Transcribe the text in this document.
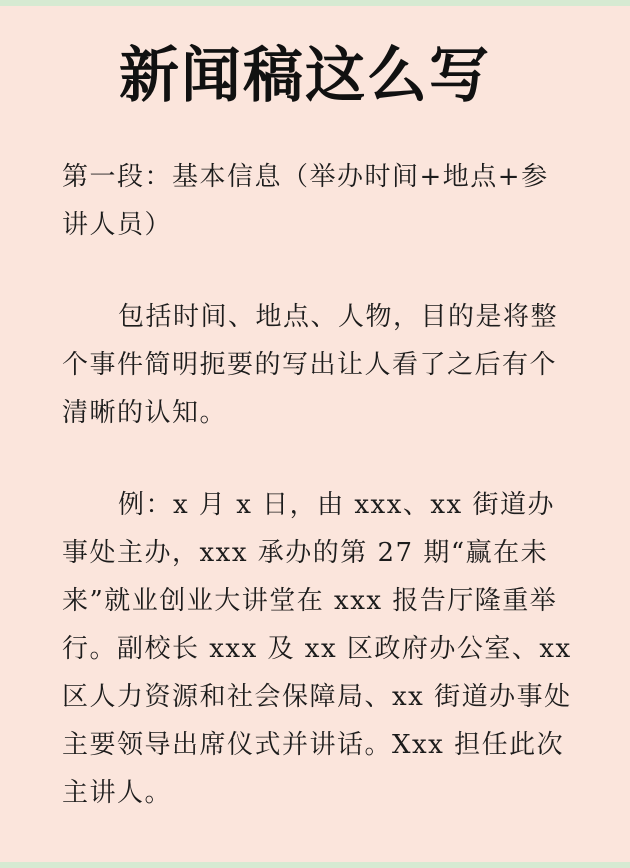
新闻稿这么写
第一段：基本信息（举办时间+地点+参讲人员）
包括时间、地点、人物，目的是将整个事件简明扼要的写出让人看了之后有个清晰的认知。
例：x 月 x 日，由 xxx、xx 街道办事处主办，xxx 承办的第 27 期“赢在未来”就业创业大讲堂在 xxx 报告厅隆重举行。副校长 xxx 及 xx 区政府办公室、xx 区人力资源和社会保障局、xx 街道办事处主要领导出席仪式并讲话。Xxx 担任此次主讲人。
